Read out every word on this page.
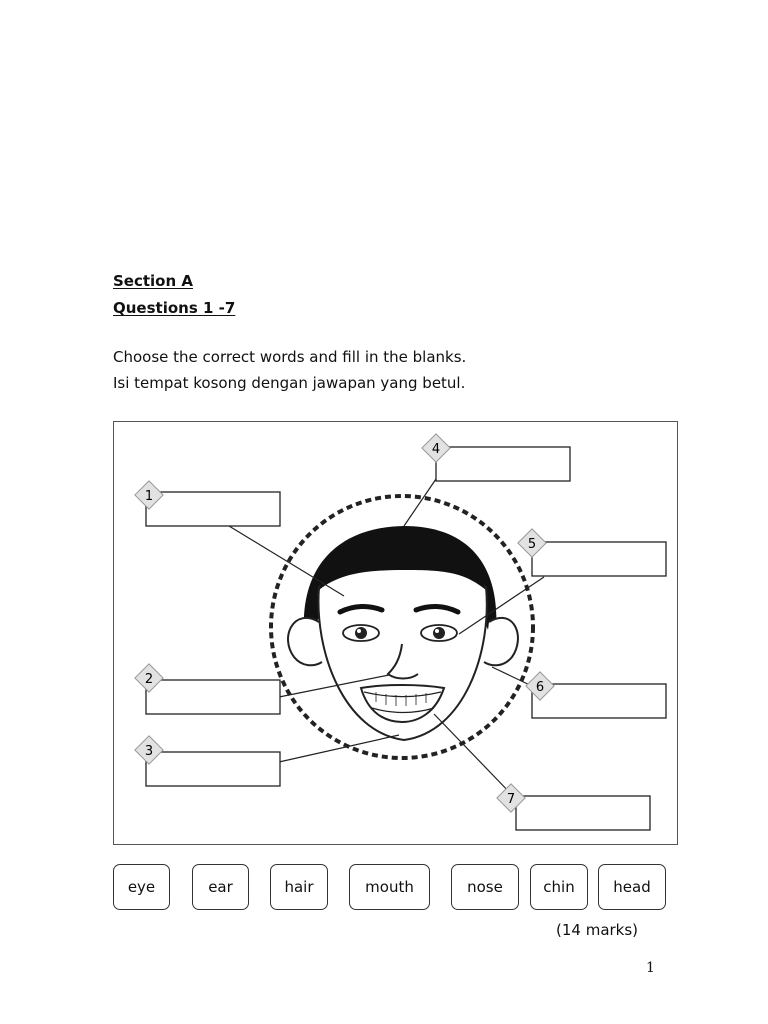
Section A
Questions 1 -7
Choose the correct words and fill in the blanks.
Isi tempat kosong dengan jawapan yang betul.
1
2
3
4
5
6
7
eye	ear	hair	mouth	nose	chin	head
(14 marks)
1
